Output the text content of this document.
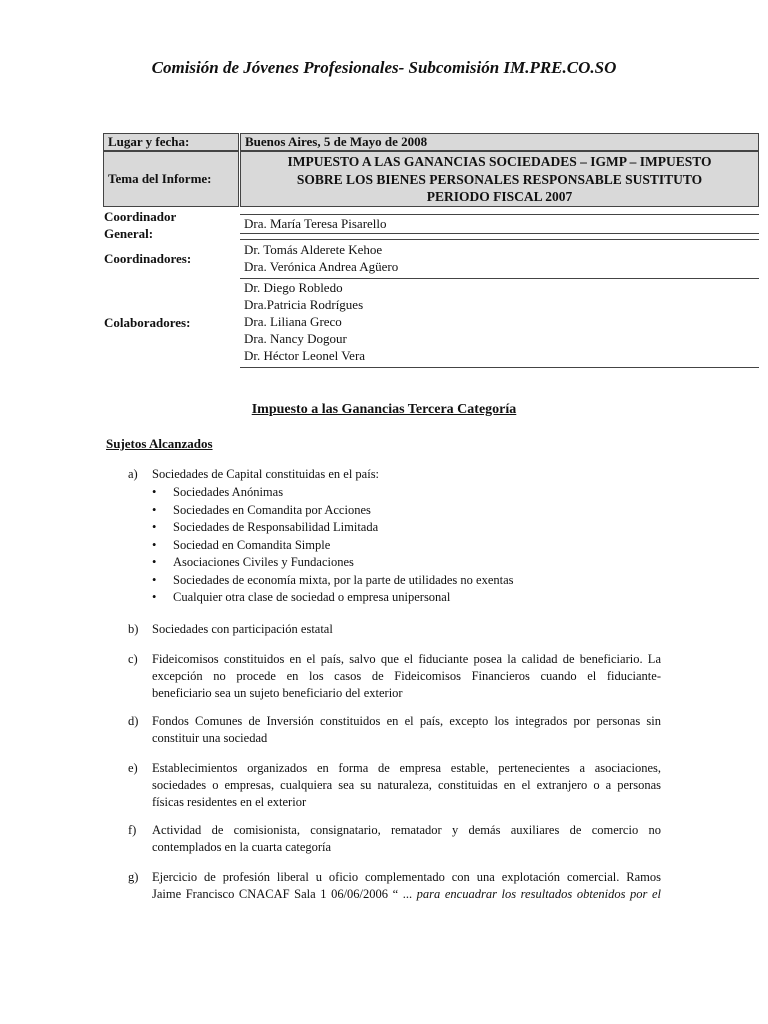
Comisión de Jóvenes Profesionales- Subcomisión IM.PRE.CO.SO
Lugar y fecha:	Buenos Aires, 5 de Mayo de 2008
Tema del Informe:
IMPUESTO A LAS GANANCIAS SOCIEDADES – IGMP – IMPUESTO
SOBRE LOS BIENES PERSONALES RESPONSABLE SUSTITUTO
PERIODO FISCAL 2007
Coordinador
General:
Dra. María Teresa Pisarello
Coordinadores:
Dr. Tomás Alderete Kehoe
Dra. Verónica Andrea Agüero
Colaboradores:
Dr. Diego Robledo
Dra.Patricia Rodrígues
Dra. Liliana Greco
Dra. Nancy Dogour
Dr. Héctor Leonel Vera
Impuesto a las Ganancias Tercera Categoría
Sujetos Alcanzados
a) Sociedades de Capital constituidas en el país:
• Sociedades Anónimas
• Sociedades en Comandita por Acciones
• Sociedades de Responsabilidad Limitada
• Sociedad en Comandita Simple
• Asociaciones Civiles y Fundaciones
• Sociedades de economía mixta, por la parte de utilidades no exentas
• Cualquier otra clase de sociedad o empresa unipersonal
b) Sociedades con participación estatal
c) Fideicomisos constituidos en el país, salvo que el fiduciante posea la calidad de beneficiario. La
excepción no procede en los casos de Fideicomisos Financieros cuando el fiduciante-
beneficiario sea un sujeto beneficiario del exterior
d) Fondos Comunes de Inversión constituidos en el país, excepto los integrados por personas sin
constituir una sociedad
e) Establecimientos organizados en forma de empresa estable, pertenecientes a asociaciones,
sociedades o empresas, cualquiera sea su naturaleza, constituidas en el extranjero o a personas
físicas residentes en el exterior
f) Actividad de comisionista, consignatario, rematador y demás auxiliares de comercio no
contemplados en la cuarta categoría
g) Ejercicio de profesión liberal u oficio complementado con una explotación comercial. Ramos
Jaime Francisco CNACAF Sala 1 06/06/2006 “ ... para encuadrar los resultados obtenidos por el
